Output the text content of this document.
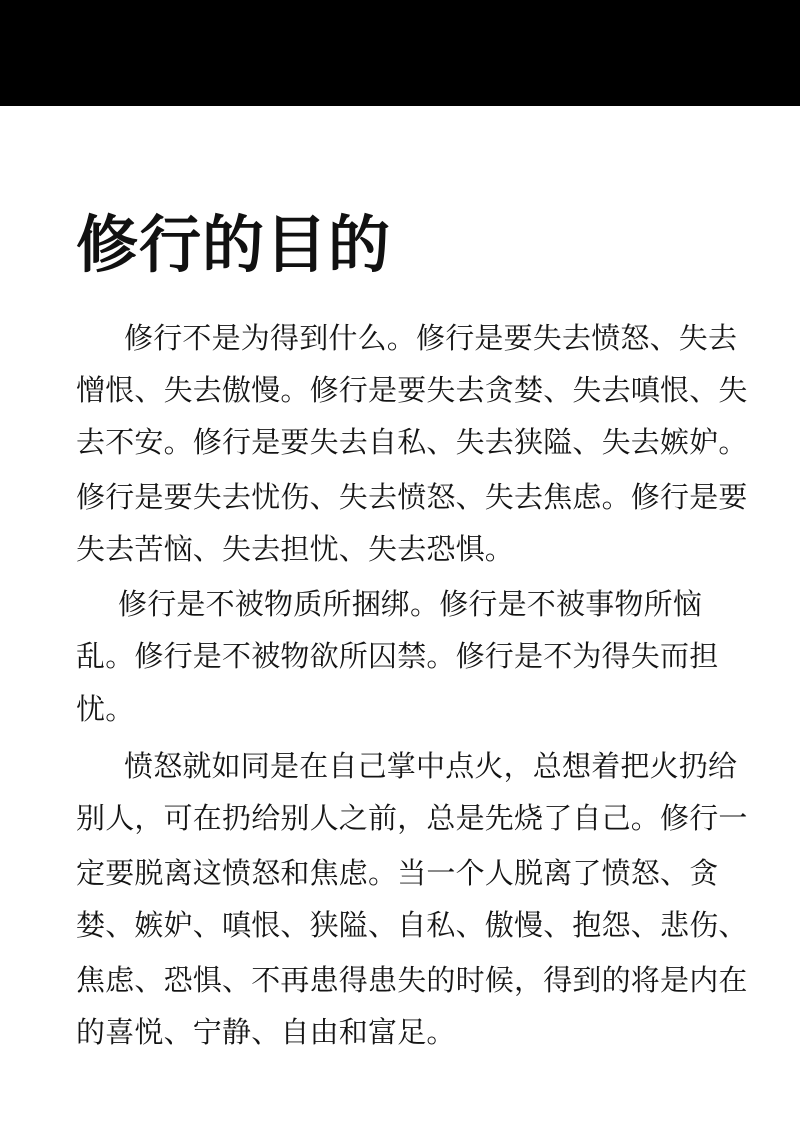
修行的目的

修行不是为得到什么。修行是要失去愤怒、失去

憎恨、失去傲慢。修行是要失去贪婪、失去嗔恨、失

去不安。修行是要失去自私、失去狭隘、失去嫉妒。

修行是要失去忧伤、失去愤怒、失去焦虑。修行是要

失去苦恼、失去担忧、失去恐惧。

修行是不被物质所捆绑。修行是不被事物所恼

乱。修行是不被物欲所囚禁。修行是不为得失而担

忧。

愤怒就如同是在自己掌中点火，总想着把火扔给

别人，可在扔给别人之前，总是先烧了自己。修行一

定要脱离这愤怒和焦虑。当一个人脱离了愤怒、贪

婪、嫉妒、嗔恨、狭隘、自私、傲慢、抱怨、悲伤、

焦虑、恐惧、不再患得患失的时候，得到的将是内在

的喜悦、宁静、自由和富足。
